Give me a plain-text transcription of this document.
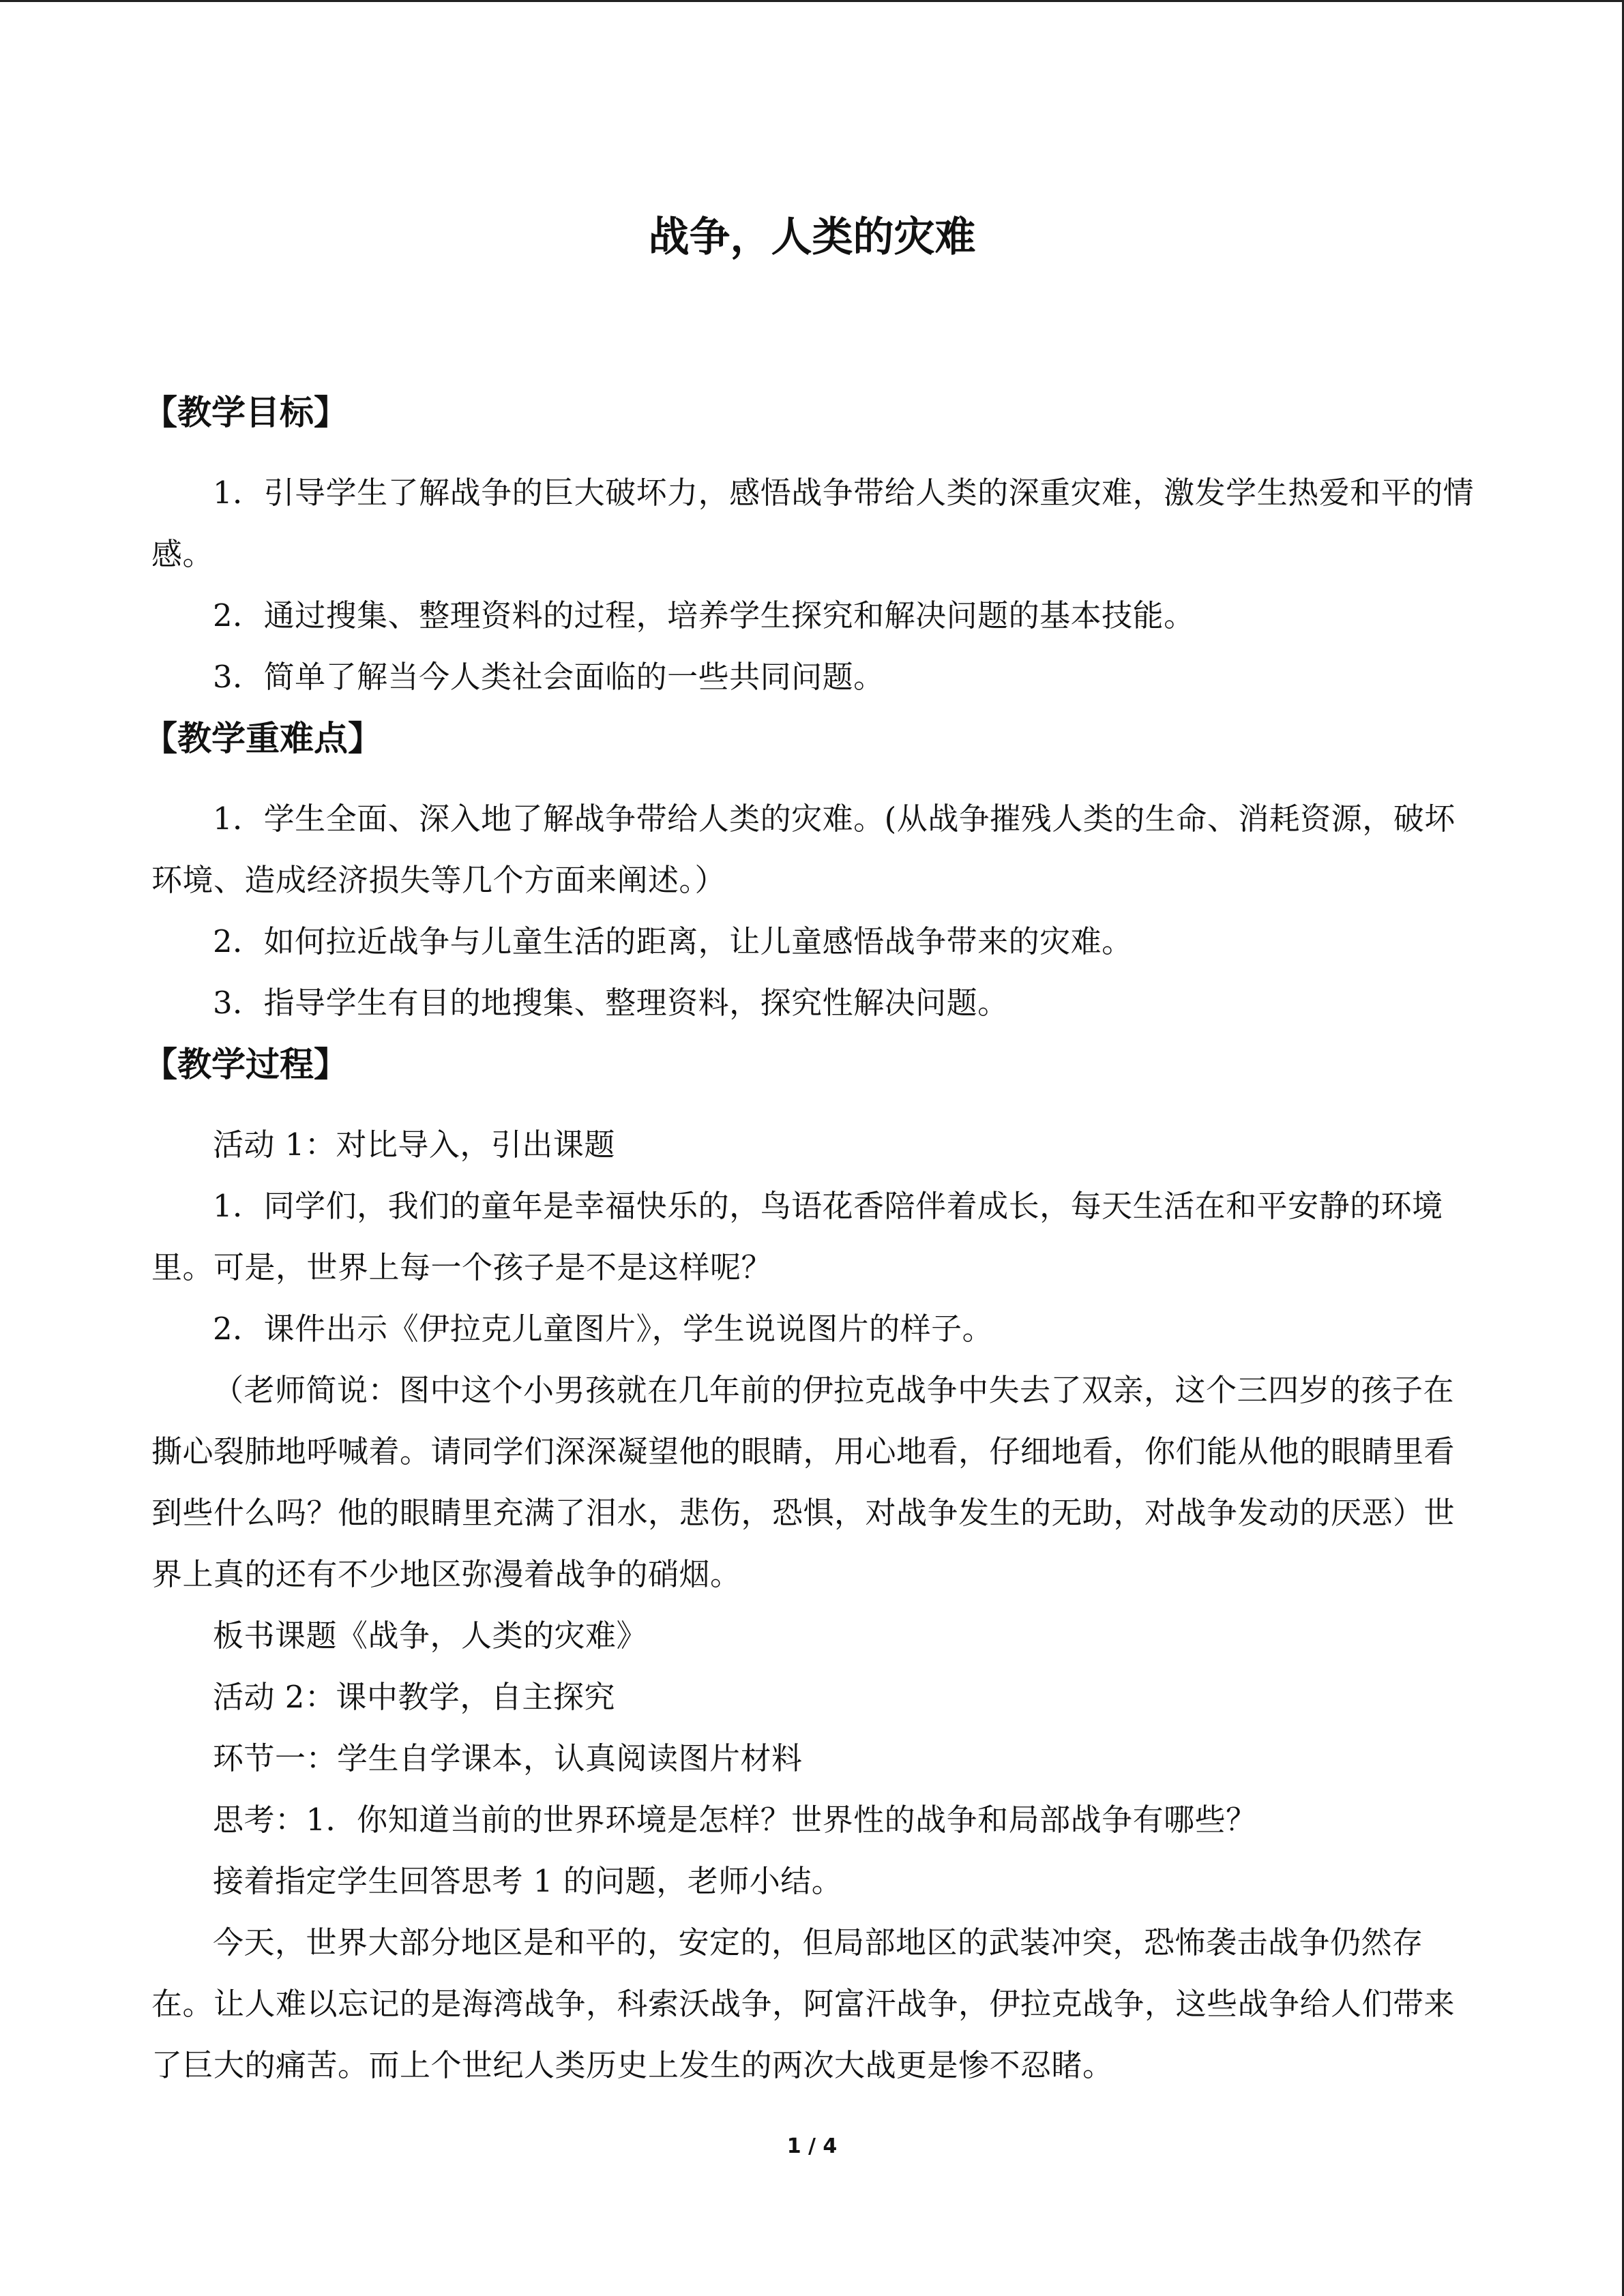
战争，人类的灾难
【教学目标】

1．引导学生了解战争的巨大破坏力，感悟战争带给人类的深重灾难，激发学生热爱和平的情感。

2．通过搜集、整理资料的过程，培养学生探究和解决问题的基本技能。

3．简单了解当今人类社会面临的一些共同问题。

【教学重难点】

1．学生全面、深入地了解战争带给人类的灾难。(从战争摧残人类的生命、消耗资源，破坏环境、造成经济损失等几个方面来阐述。）

2．如何拉近战争与儿童生活的距离，让儿童感悟战争带来的灾难。

3．指导学生有目的地搜集、整理资料，探究性解决问题。

【教学过程】

活动 1：对比导入，引出课题

1．同学们，我们的童年是幸福快乐的，鸟语花香陪伴着成长，每天生活在和平安静的环境里。可是，世界上每一个孩子是不是这样呢？

2．课件出示《伊拉克儿童图片》，学生说说图片的样子。

（老师简说：图中这个小男孩就在几年前的伊拉克战争中失去了双亲，这个三四岁的孩子在撕心裂肺地呼喊着。请同学们深深凝望他的眼睛，用心地看，仔细地看，你们能从他的眼睛里看到些什么吗？他的眼睛里充满了泪水，悲伤，恐惧，对战争发生的无助，对战争发动的厌恶）世界上真的还有不少地区弥漫着战争的硝烟。

板书课题《战争，人类的灾难》

活动 2：课中教学，自主探究

环节一：学生自学课本，认真阅读图片材料

思考：1．你知道当前的世界环境是怎样？世界性的战争和局部战争有哪些？

接着指定学生回答思考 1 的问题，老师小结。

今天，世界大部分地区是和平的，安定的，但局部地区的武装冲突，恐怖袭击战争仍然存在。让人难以忘记的是海湾战争，科索沃战争，阿富汗战争，伊拉克战争，这些战争给人们带来了巨大的痛苦。而上个世纪人类历史上发生的两次大战更是惨不忍睹。

1 / 4
